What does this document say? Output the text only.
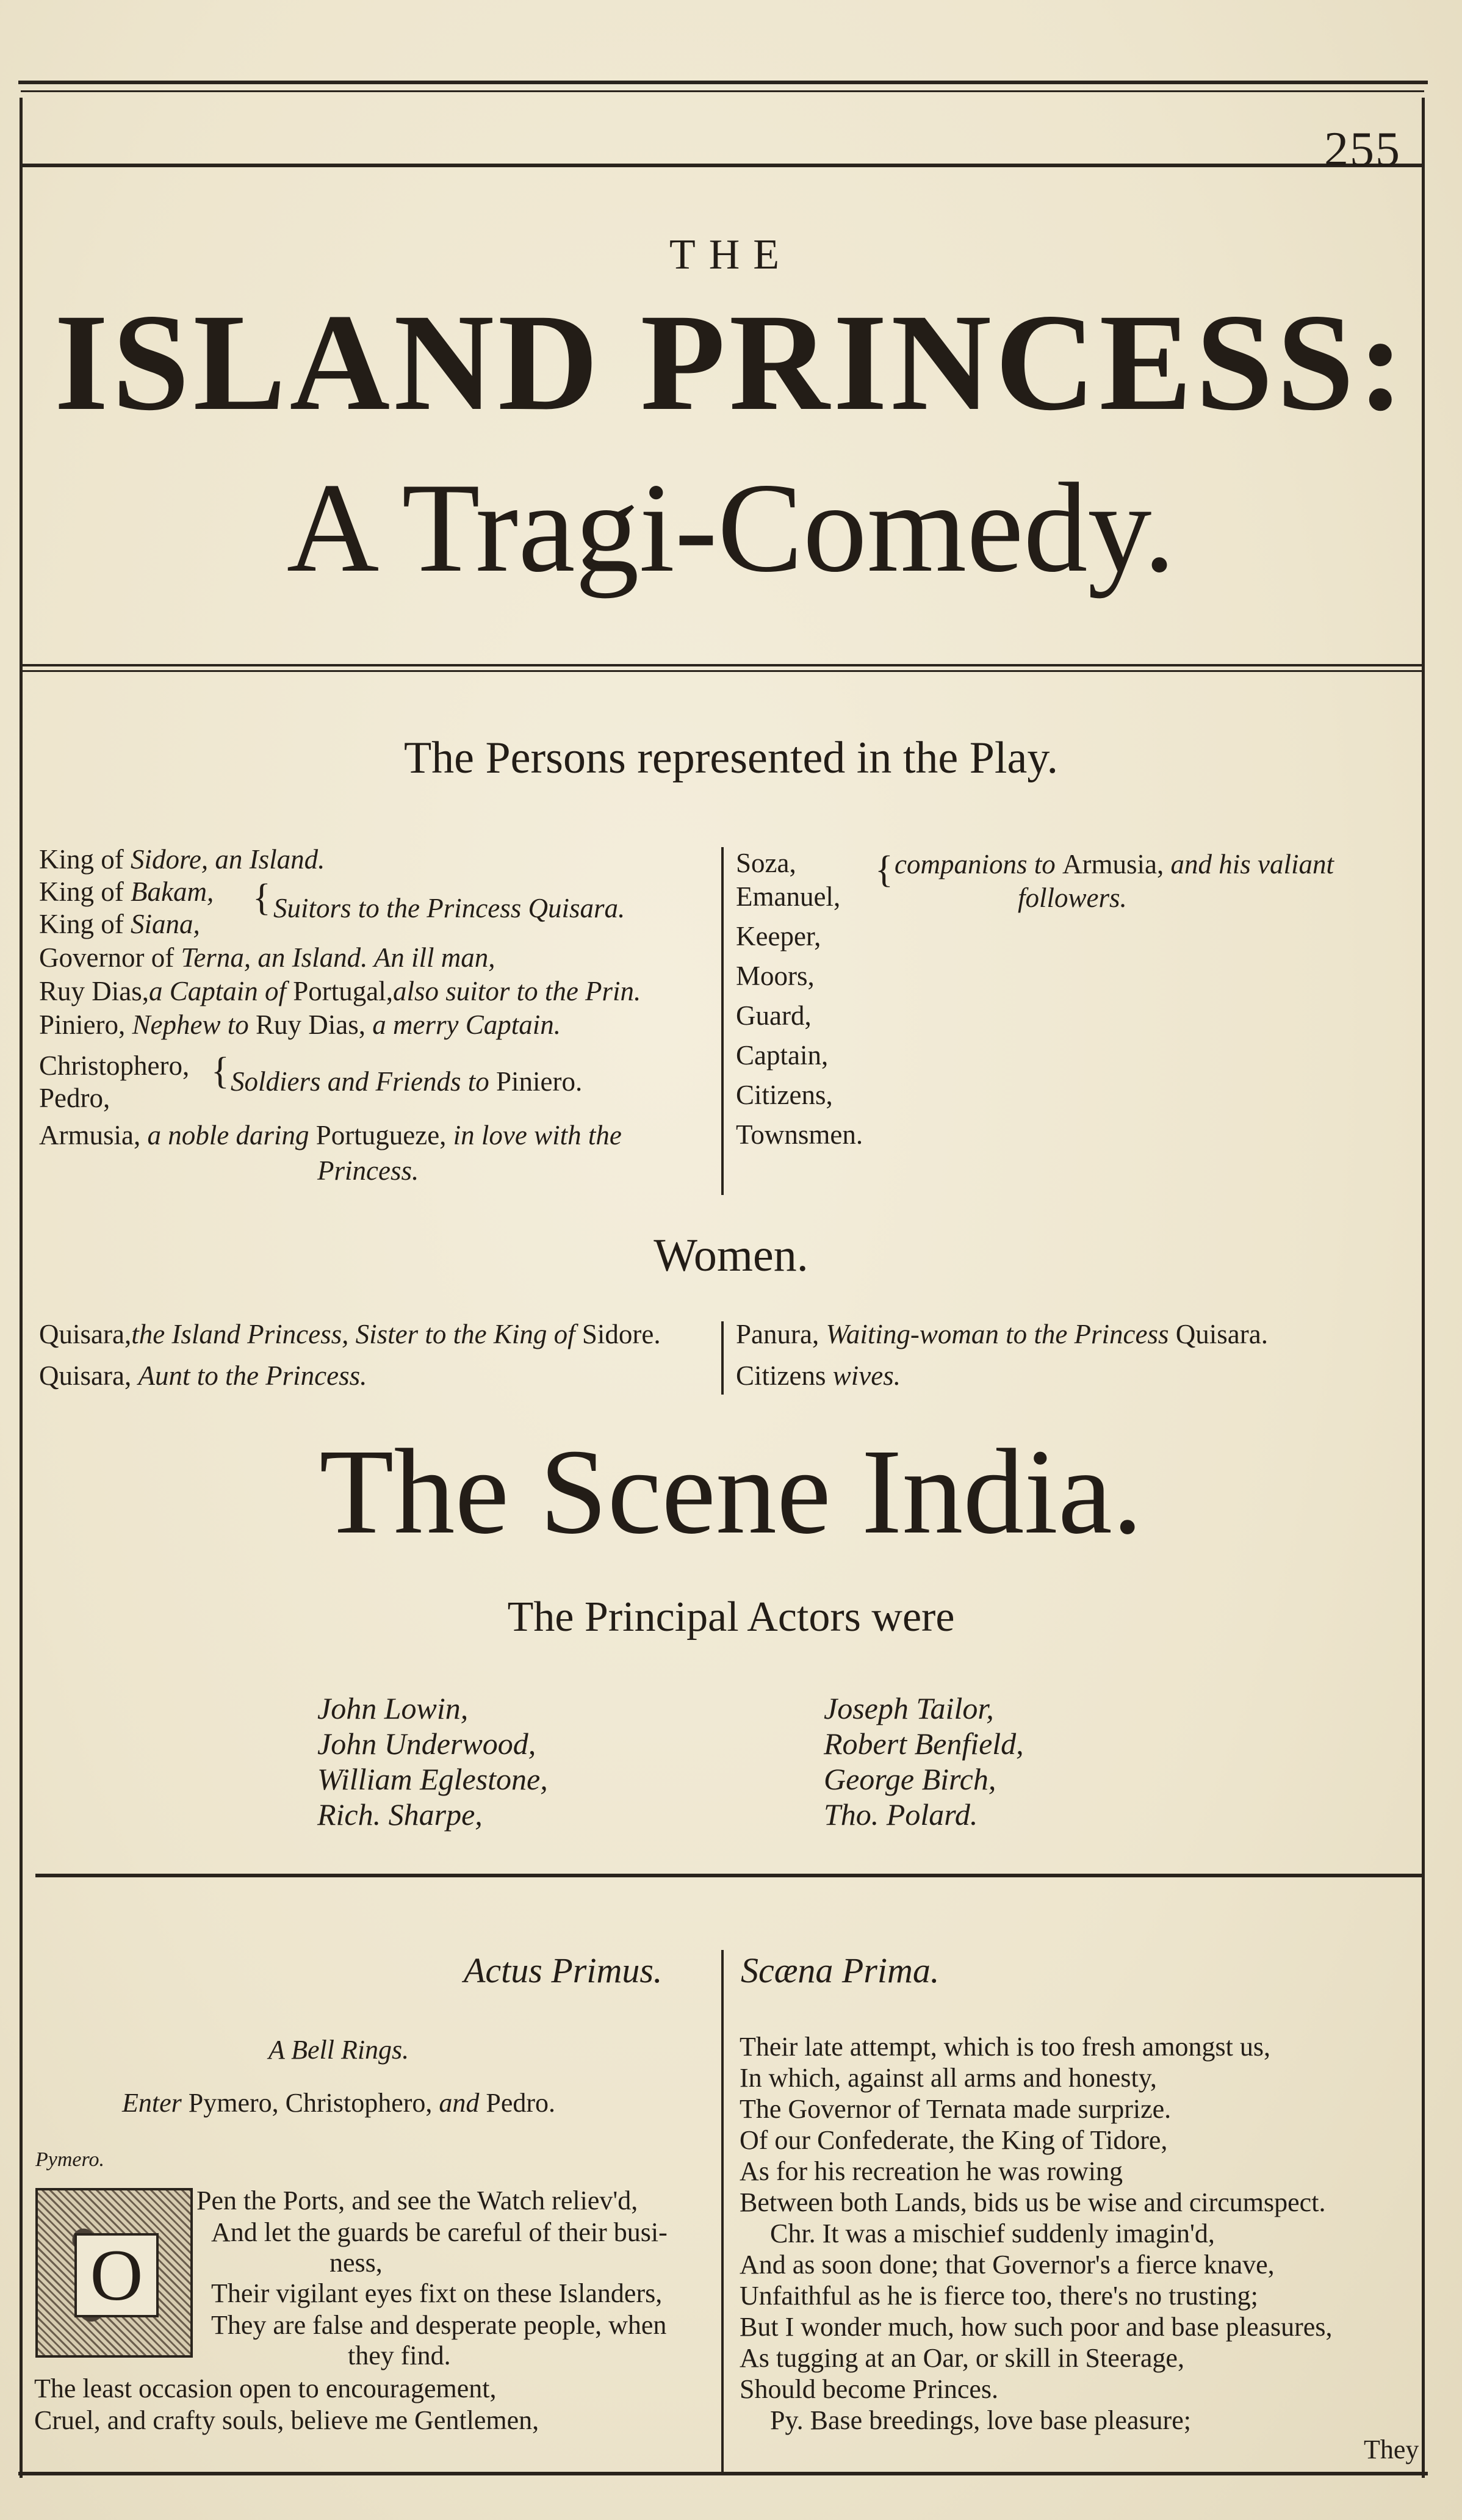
255
THE
ISLAND PRINCESS:
A Tragi-Comedy.
The Persons represented in the Play.
King of Sidore, an Island.
King of Bakam,
King of Siana,
{ Suitors to the Princess Quisara.
Governor of Terna, an Island. An ill man,
Ruy Dias,a Captain of Portugal,also suitor to the Prin.
Piniero, Nephew to Ruy Dias, a merry Captain.
Christophero,
Pedro,
{ Soldiers and Friends to Piniero.
Armusia, a noble daring Portugueze, in love with the
Princess.
Soza,
Emanuel,
{ companions to Armusia, and his valiant
followers.
Keeper,
Moors,
Guard,
Captain,
Citizens,
Townsmen.
Women.
Quisara,the Island Princess, Sister to the King of Sidore.
Quisara, Aunt to the Princess.
Panura, Waiting-woman to the Princess Quisara.
Citizens wives.
The Scene India.
The Principal Actors were
John Lowin,
John Underwood,
William Eglestone,
Rich. Sharpe,
Joseph Tailor,
Robert Benfield,
George Birch,
Tho. Polard.
Actus Primus. Scæna Prima.
A Bell Rings.
Enter Pymero, Christophero, and Pedro.
Pymero.
O
Pen the Ports, and see the Watch reliev'd,
And let the guards be careful of their busi-
ness,
Their vigilant eyes fixt on these Islanders,
They are false and desperate people, when
they find.
The least occasion open to encouragement,
Cruel, and crafty souls, believe me Gentlemen,
Their late attempt, which is too fresh amongst us,
In which, against all arms and honesty,
The Governor of Ternata made surprize.
Of our Confederate, the King of Tidore,
As for his recreation he was rowing
Between both Lands, bids us be wise and circumspect.
Chr. It was a mischief suddenly imagin'd,
And as soon done; that Governor's a fierce knave,
Unfaithful as he is fierce too, there's no trusting;
But I wonder much, how such poor and base pleasures,
As tugging at an Oar, or skill in Steerage,
Should become Princes.
Py. Base breedings, love base pleasure;
They
